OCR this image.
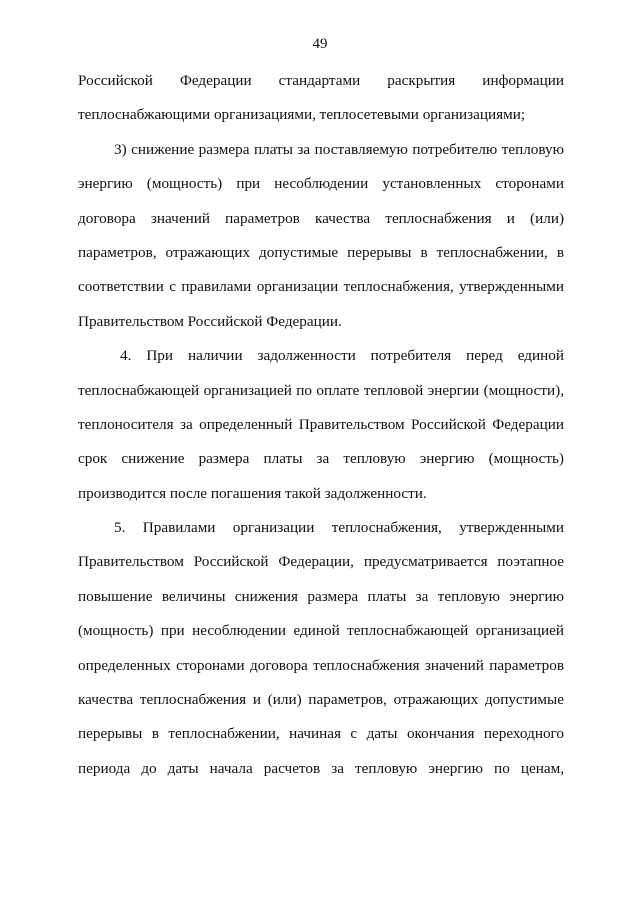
49
Российской Федерации стандартами раскрытия информации
теплоснабжающими организациями, теплосетевыми организациями;
3) снижение размера платы за поставляемую потребителю тепловую
энергию (мощность) при несоблюдении установленных сторонами
договора значений параметров качества теплоснабжения и (или)
параметров, отражающих допустимые перерывы в теплоснабжении, в
соответствии с правилами организации теплоснабжения, утвержденными
Правительством Российской Федерации.
4. При наличии задолженности потребителя перед единой
теплоснабжающей организацией по оплате тепловой энергии (мощности),
теплоносителя за определенный Правительством Российской Федерации
срок снижение размера платы за тепловую энергию (мощность)
производится после погашения такой задолженности.
5. Правилами организации теплоснабжения, утвержденными
Правительством Российской Федерации, предусматривается поэтапное
повышение величины снижения размера платы за тепловую энергию
(мощность) при несоблюдении единой теплоснабжающей организацией
определенных сторонами договора теплоснабжения значений параметров
качества теплоснабжения и (или) параметров, отражающих допустимые
перерывы в теплоснабжении, начиная с даты окончания переходного
периода до даты начала расчетов за тепловую энергию по ценам,
